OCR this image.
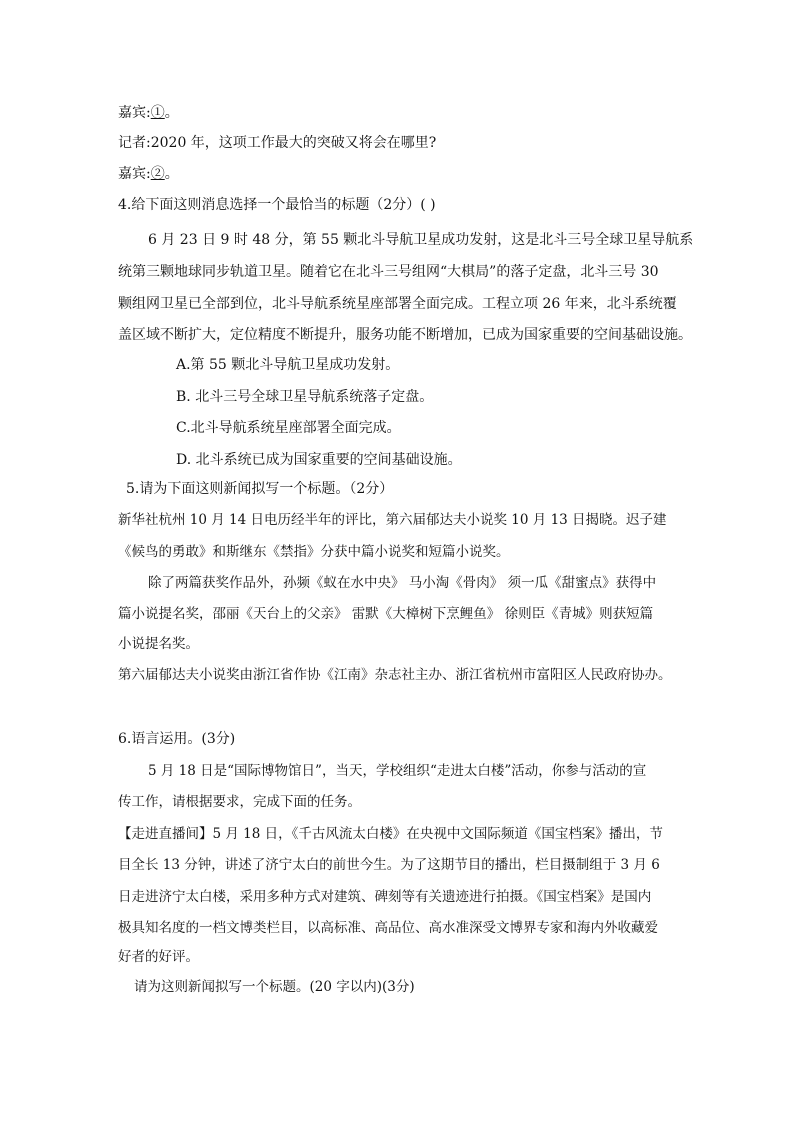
嘉宾:①。
记者:2020 年，这项工作最大的突破又将会在哪里?
嘉宾:②。
4.给下面这则消息选择一个最恰当的标题（2分）( )
6 月 23 日 9 时 48 分，第 55 颗北斗导航卫星成功发射，这是北斗三号全球卫星导航系
统第三颗地球同步轨道卫星。随着它在北斗三号组网“大棋局”的落子定盘，北斗三号 30
颗组网卫星已全部到位，北斗导航系统星座部署全面完成。工程立项 26 年来，北斗系统覆
盖区域不断扩大，定位精度不断提升，服务功能不断增加，已成为国家重要的空间基础设施。
A.第 55 颗北斗导航卫星成功发射。
B. 北斗三号全球卫星导航系统落子定盘。
C.北斗导航系统星座部署全面完成。
D. 北斗系统已成为国家重要的空间基础设施。
5.请为下面这则新闻拟写一个标题。（2分）
新华社杭州 10 月 14 日电历经半年的评比，第六届郁达夫小说奖 10 月 13 日揭晓。迟子建
《候鸟的勇敢》和斯继东《禁指》分获中篇小说奖和短篇小说奖。
除了两篇获奖作品外，孙频《蚁在水中央》 马小淘《骨肉》 须一瓜《甜蜜点》获得中
篇小说提名奖，邵丽《天台上的父亲》 雷默《大樟树下烹鲤鱼》 徐则臣《青城》则获短篇
小说提名奖。
第六届郁达夫小说奖由浙江省作协《江南》杂志社主办、浙江省杭州市富阳区人民政府协办。
6.语言运用。(3分)
5 月 18 日是“国际博物馆日”，当天，学校组织“走进太白楼”活动，你参与活动的宣
传工作，请根据要求，完成下面的任务。
【走进直播间】5 月 18 日，《千古风流太白楼》在央视中文国际频道《国宝档案》播出，节
目全长 13 分钟，讲述了济宁太白的前世今生。为了这期节目的播出，栏目摄制组于 3 月 6
日走进济宁太白楼，采用多种方式对建筑、碑刻等有关遗迹进行拍摄。《国宝档案》是国内
极具知名度的一档文博类栏目，以高标准、高品位、高水准深受文博界专家和海内外收藏爱
好者的好评。
请为这则新闻拟写一个标题。(20 字以内)(3分)
